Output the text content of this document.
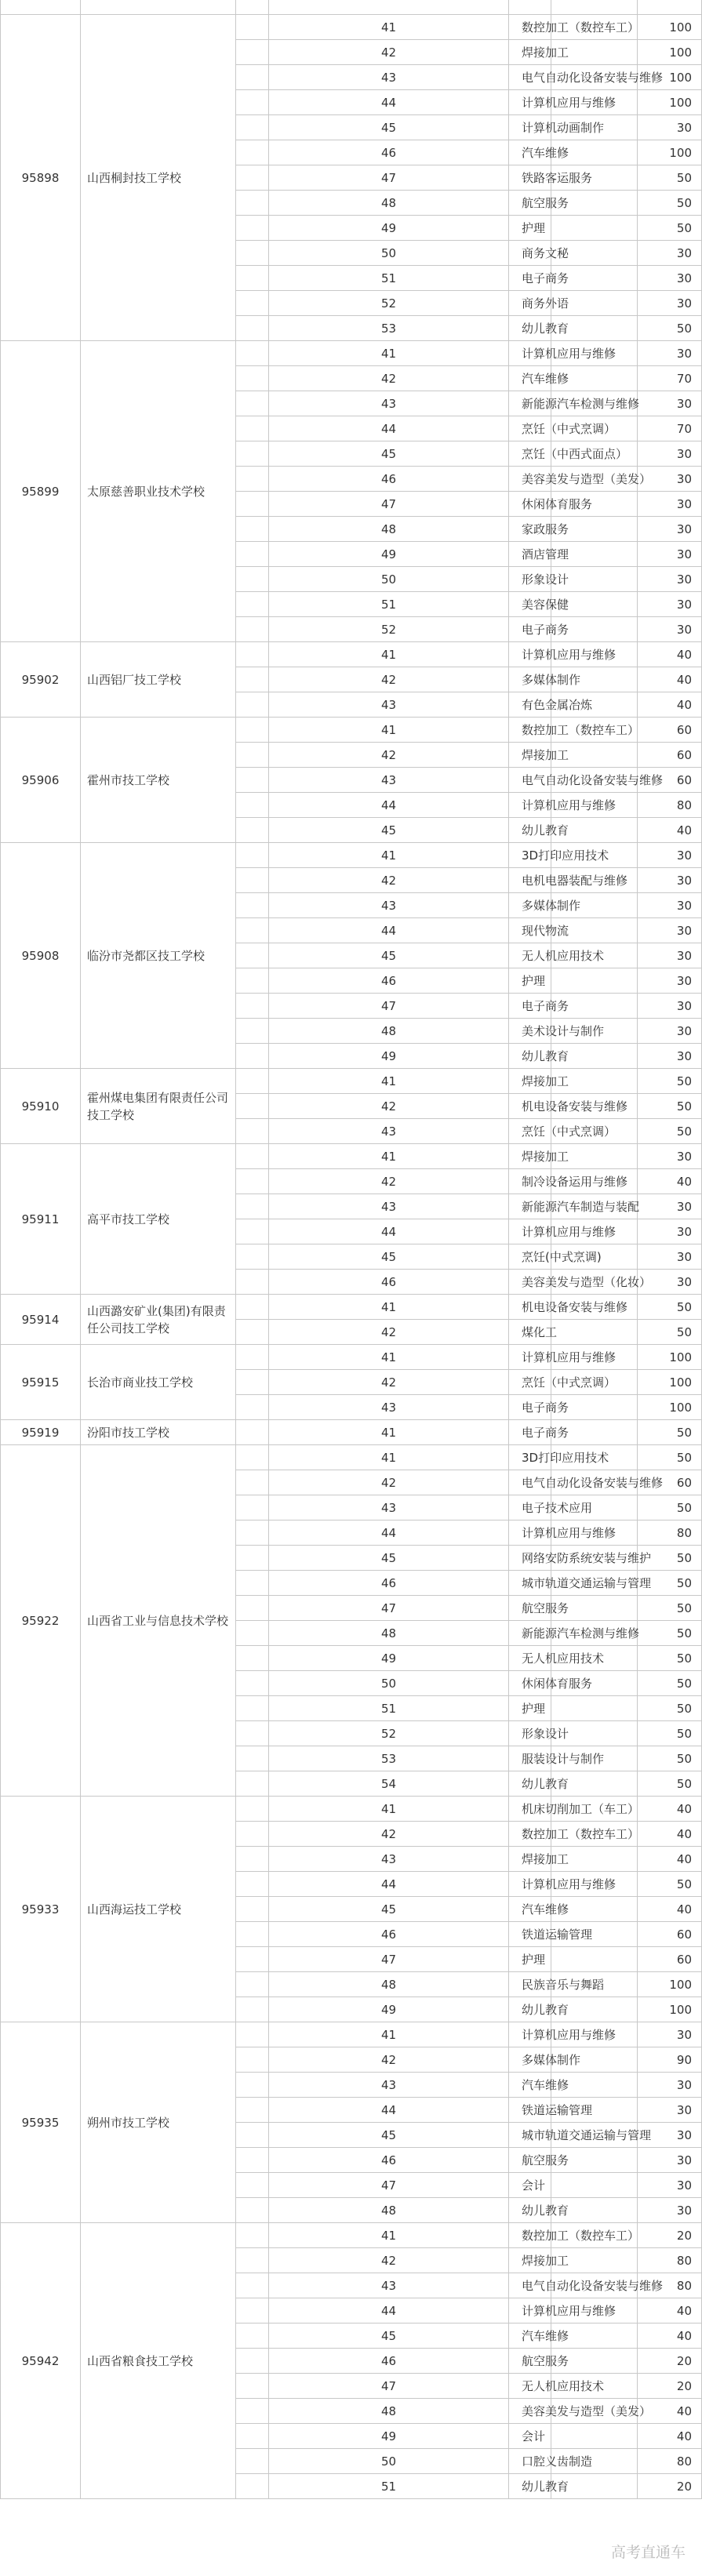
95898	山西桐封技工学校		41	数控加工（数控车工）		100	
			42	焊接加工		100	
			43	电气自动化设备安装与维修		100	
			44	计算机应用与维修		100	
			45	计算机动画制作		30	
			46	汽车维修		100	
			47	铁路客运服务		50	
			48	航空服务		50	
			49	护理		50	
			50	商务文秘		30	
			51	电子商务		30	
			52	商务外语		30	
			53	幼儿教育		50	
95899	太原慈善职业技术学校		41	计算机应用与维修		30	
			42	汽车维修		70	
			43	新能源汽车检测与维修		30	
			44	烹饪（中式烹调）		70	
			45	烹饪（中西式面点）		30	
			46	美容美发与造型（美发）		30	
			47	休闲体育服务		30	
			48	家政服务		30	
			49	酒店管理		30	
			50	形象设计		30	
			51	美容保健		30	
			52	电子商务		30	
95902	山西铝厂技工学校		41	计算机应用与维修		40	
			42	多媒体制作		40	
			43	有色金属冶炼		40	
95906	霍州市技工学校		41	数控加工（数控车工）		60	
			42	焊接加工		60	
			43	电气自动化设备安装与维修		60	
			44	计算机应用与维修		80	
			45	幼儿教育		40	
95908	临汾市尧都区技工学校		41	3D打印应用技术		30	
			42	电机电器装配与维修		30	
			43	多媒体制作		30	
			44	现代物流		30	
			45	无人机应用技术		30	
			46	护理		30	
			47	电子商务		30	
			48	美术设计与制作		30	
			49	幼儿教育		30	
95910	霍州煤电集团有限责任公司技工学校		41	焊接加工		50	
			42	机电设备安装与维修		50	
			43	烹饪（中式烹调）		50	
95911	高平市技工学校		41	焊接加工		30	
			42	制冷设备运用与维修		40	
			43	新能源汽车制造与装配		30	
			44	计算机应用与维修		30	
			45	烹饪(中式烹调)		30	
			46	美容美发与造型（化妆）		30	
95914	山西潞安矿业(集团)有限责任公司技工学校		41	机电设备安装与维修		50	
			42	煤化工		50	
95915	长治市商业技工学校		41	计算机应用与维修		100	
			42	烹饪（中式烹调）		100	
			43	电子商务		100	
95919	汾阳市技工学校		41	电子商务		50	
95922	山西省工业与信息技术学校		41	3D打印应用技术		50	
			42	电气自动化设备安装与维修		60	
			43	电子技术应用		50	
			44	计算机应用与维修		80	
			45	网络安防系统安装与维护		50	
			46	城市轨道交通运输与管理		50	
			47	航空服务		50	
			48	新能源汽车检测与维修		50	
			49	无人机应用技术		50	
			50	休闲体育服务		50	
			51	护理		50	
			52	形象设计		50	
			53	服装设计与制作		50	
			54	幼儿教育		50	
95933	山西海运技工学校		41	机床切削加工（车工）		40	
			42	数控加工（数控车工）		40	
			43	焊接加工		40	
			44	计算机应用与维修		50	
			45	汽车维修		40	
			46	铁道运输管理		60	
			47	护理		60	
			48	民族音乐与舞蹈		100	
			49	幼儿教育		100	
95935	朔州市技工学校		41	计算机应用与维修		30	
			42	多媒体制作		90	
			43	汽车维修		30	
			44	铁道运输管理		30	
			45	城市轨道交通运输与管理		30	
			46	航空服务		30	
			47	会计		30	
			48	幼儿教育		30	
95942	山西省粮食技工学校		41	数控加工（数控车工）		20	
			42	焊接加工		80	
			43	电气自动化设备安装与维修		80	
			44	计算机应用与维修		40	
			45	汽车维修		40	
			46	航空服务		20	
			47	无人机应用技术		20	
			48	美容美发与造型（美发）		40	
			49	会计		40	
			50	口腔义齿制造		80	
			51	幼儿教育		20	
高考直通车
